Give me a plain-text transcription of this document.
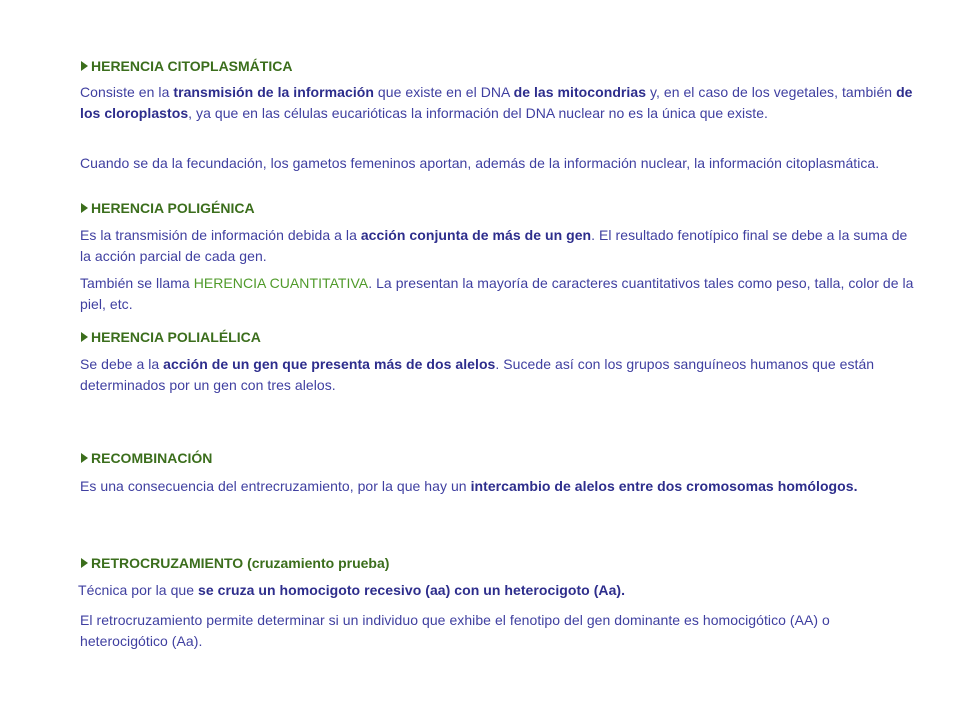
HERENCIA CITOPLASMÁTICA
Consiste en la transmisión de la información que existe en el DNA de las mitocondrias y, en el caso de los vegetales, también de los cloroplastos, ya que en las células eucarióticas la información del DNA nuclear no es la única que existe.
Cuando se da la fecundación, los gametos femeninos aportan, además de la información nuclear, la información citoplasmática.
HERENCIA POLIGÉNICA
Es la transmisión de información debida a la acción conjunta de más de un gen. El resultado fenotípico final se debe a la suma de la acción parcial de cada gen.
También se llama HERENCIA CUANTITATIVA. La presentan la mayoría de caracteres cuantitativos tales como peso, talla, color de la piel, etc.
HERENCIA POLIALÉLICA
Se debe a la acción de un gen que presenta más de dos alelos. Sucede así con los grupos sanguíneos humanos que están determinados por un gen con tres alelos.
RECOMBINACIÓN
Es una consecuencia del entrecruzamiento, por la que hay un intercambio de alelos entre dos cromosomas homólogos.
RETROCRUZAMIENTO (cruzamiento prueba)
Técnica por la que se cruza un homocigoto recesivo (aa) con un heterocigoto (Aa).
El retrocruzamiento permite determinar si un individuo que exhibe el fenotipo del gen dominante es homocigótico (AA) o heterocigótico (Aa).
